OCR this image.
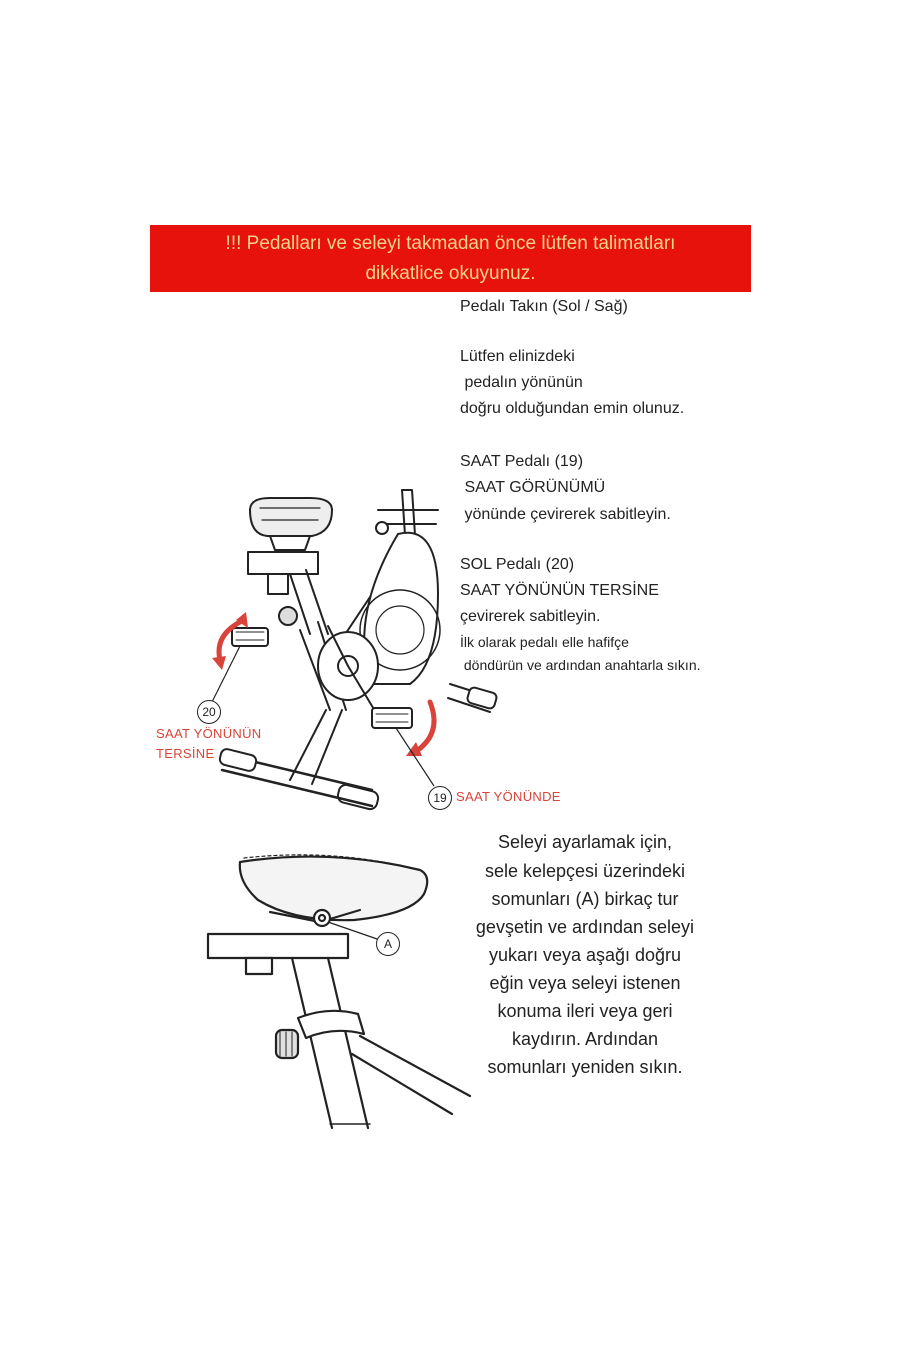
!!! Pedalları ve seleyi takmadan önce lütfen talimatları
dikkatlice okuyunuz.
Pedalı Takın (Sol / Sağ)
Lütfen elinizdeki
pedalın yönünün
doğru olduğundan emin olunuz.
SAAT Pedalı (19)
SAAT GÖRÜNÜMÜ
yönünde çevirerek sabitleyin.
SOL Pedalı (20)
SAAT YÖNÜNÜN TERSİNE
çevirerek sabitleyin.
İlk olarak pedalı elle hafifçe
döndürün ve ardından anahtarla sıkın.
20
SAAT YÖNÜNÜN
TERSİNE
19 SAAT YÖNÜNDE
A
Seleyi ayarlamak için,
sele kelepçesi üzerindeki
somunları (A) birkaç tur
gevşetin ve ardından seleyi
yukarı veya aşağı doğru
eğin veya seleyi istenen
konuma ileri veya geri
kaydırın. Ardından
somunları yeniden sıkın.
